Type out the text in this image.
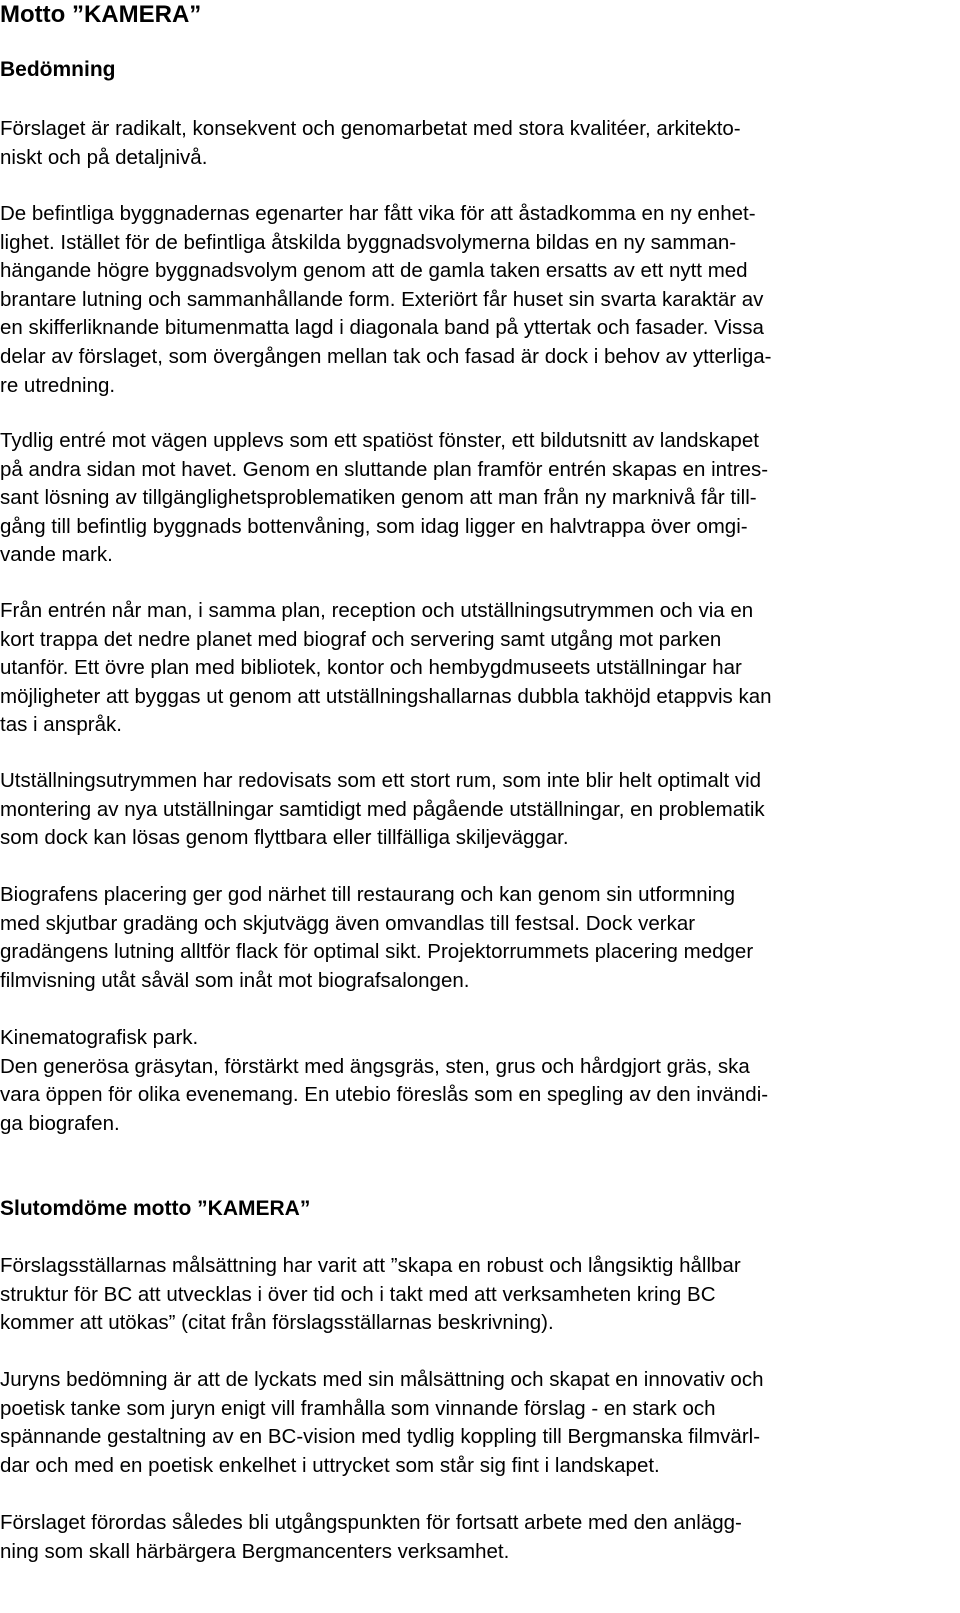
Motto ”KAMERA”
Bedömning

Förslaget är radikalt, konsekvent och genomarbetat med stora kvalitéer, arkitekto-
niskt och på detaljnivå.

De befintliga byggnadernas egenarter har fått vika för att åstadkomma en ny enhet-
lighet. Istället för de befintliga åtskilda byggnadsvolymerna bildas en ny samman-
hängande högre byggnadsvolym genom att de gamla taken ersatts av ett nytt med
brantare lutning och sammanhållande form. Exteriört får huset sin svarta karaktär av
en skifferliknande bitumenmatta lagd i diagonala band på yttertak och fasader. Vissa
delar av förslaget, som övergången mellan tak och fasad är dock i behov av ytterliga-
re utredning.

Tydlig entré mot vägen upplevs som ett spatiöst fönster, ett bildutsnitt av landskapet
på andra sidan mot havet. Genom en sluttande plan framför entrén skapas en intres-
sant lösning av tillgänglighetsproblematiken genom att man från ny marknivå får till-
gång till befintlig byggnads bottenvåning, som idag ligger en halvtrappa över omgi-
vande mark.

Från entrén når man, i samma plan, reception och utställningsutrymmen och via en
kort trappa det nedre planet med biograf och servering samt utgång mot parken
utanför. Ett övre plan med bibliotek, kontor och hembygdmuseets utställningar har
möjligheter att byggas ut genom att utställningshallarnas dubbla takhöjd etappvis kan
tas i anspråk.

Utställningsutrymmen har redovisats som ett stort rum, som inte blir helt optimalt vid
montering av nya utställningar samtidigt med pågående utställningar, en problematik
som dock kan lösas genom flyttbara eller tillfälliga skiljeväggar.

Biografens placering ger god närhet till restaurang och kan genom sin utformning
med skjutbar gradäng och skjutvägg även omvandlas till festsal. Dock verkar
gradängens lutning alltför flack för optimal sikt. Projektorrummets placering medger
filmvisning utåt såväl som inåt mot biografsalongen.

Kinematografisk park.
Den generösa gräsytan, förstärkt med ängsgräs, sten, grus och hårdgjort gräs, ska
vara öppen för olika evenemang. En utebio föreslås som en spegling av den invändi-
ga biografen.

Slutomdöme motto ”KAMERA”

Förslagsställarnas målsättning har varit att ”skapa en robust och långsiktig hållbar
struktur för BC att utvecklas i över tid och i takt med att verksamheten kring BC
kommer att utökas” (citat från förslagsställarnas beskrivning).

Juryns bedömning är att de lyckats med sin målsättning och skapat en innovativ och
poetisk tanke som juryn enigt vill framhålla som vinnande förslag - en stark och
spännande gestaltning av en BC-vision med tydlig koppling till Bergmanska filmvärl-
dar och med en poetisk enkelhet i uttrycket som står sig fint i landskapet.

Förslaget förordas således bli utgångspunkten för fortsatt arbete med den anlägg-
ning som skall härbärgera Bergmancenters verksamhet.
